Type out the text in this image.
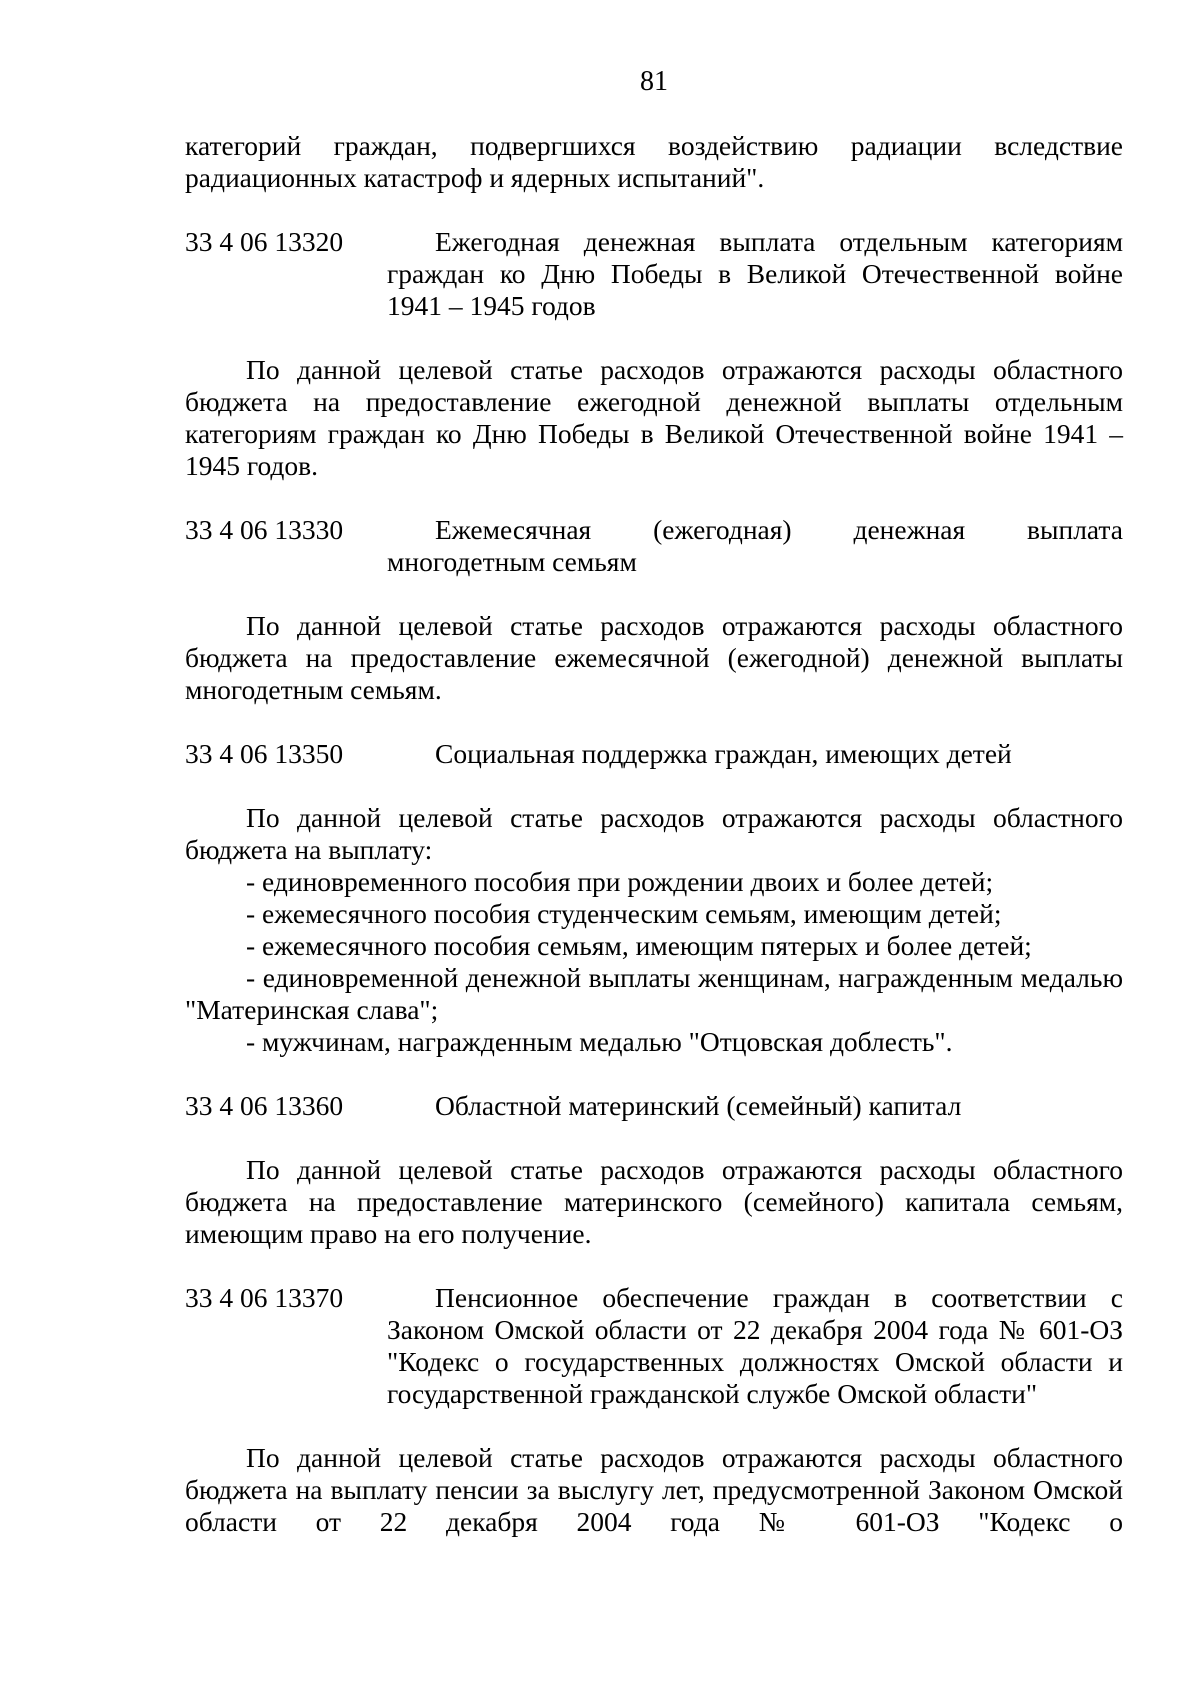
81

категорий граждан, подвергшихся воздействию радиации вследствие радиационных катастроф и ядерных испытаний".

33 4 06 13320	Ежегодная денежная выплата отдельным категориям граждан ко Дню Победы в Великой Отечественной войне 1941 – 1945 годов

По данной целевой статье расходов отражаются расходы областного бюджета на предоставление ежегодной денежной выплаты отдельным категориям граждан ко Дню Победы в Великой Отечественной войне 1941 – 1945 годов.

33 4 06 13330	Ежемесячная (ежегодная) денежная выплата многодетным семьям

По данной целевой статье расходов отражаются расходы областного бюджета на предоставление ежемесячной (ежегодной) денежной выплаты многодетным семьям.

33 4 06 13350	Социальная поддержка граждан, имеющих детей

По данной целевой статье расходов отражаются расходы областного бюджета на выплату:

- единовременного пособия при рождении двоих и более детей;

- ежемесячного пособия студенческим семьям, имеющим детей;

- ежемесячного пособия семьям, имеющим пятерых и более детей;

- единовременной денежной выплаты женщинам, награжденным медалью "Материнская слава";

- мужчинам, награжденным медалью "Отцовская доблесть".

33 4 06 13360	Областной материнский (семейный) капитал

По данной целевой статье расходов отражаются расходы областного бюджета на предоставление материнского (семейного) капитала семьям, имеющим право на его получение.

33 4 06 13370	Пенсионное обеспечение граждан в соответствии с Законом Омской области от 22 декабря 2004 года № 601-ОЗ "Кодекс о государственных должностях Омской области и государственной гражданской службе Омской области"

По данной целевой статье расходов отражаются расходы областного бюджета на выплату пенсии за выслугу лет, предусмотренной Законом Омской области от 22 декабря 2004 года № 601-ОЗ "Кодекс о
